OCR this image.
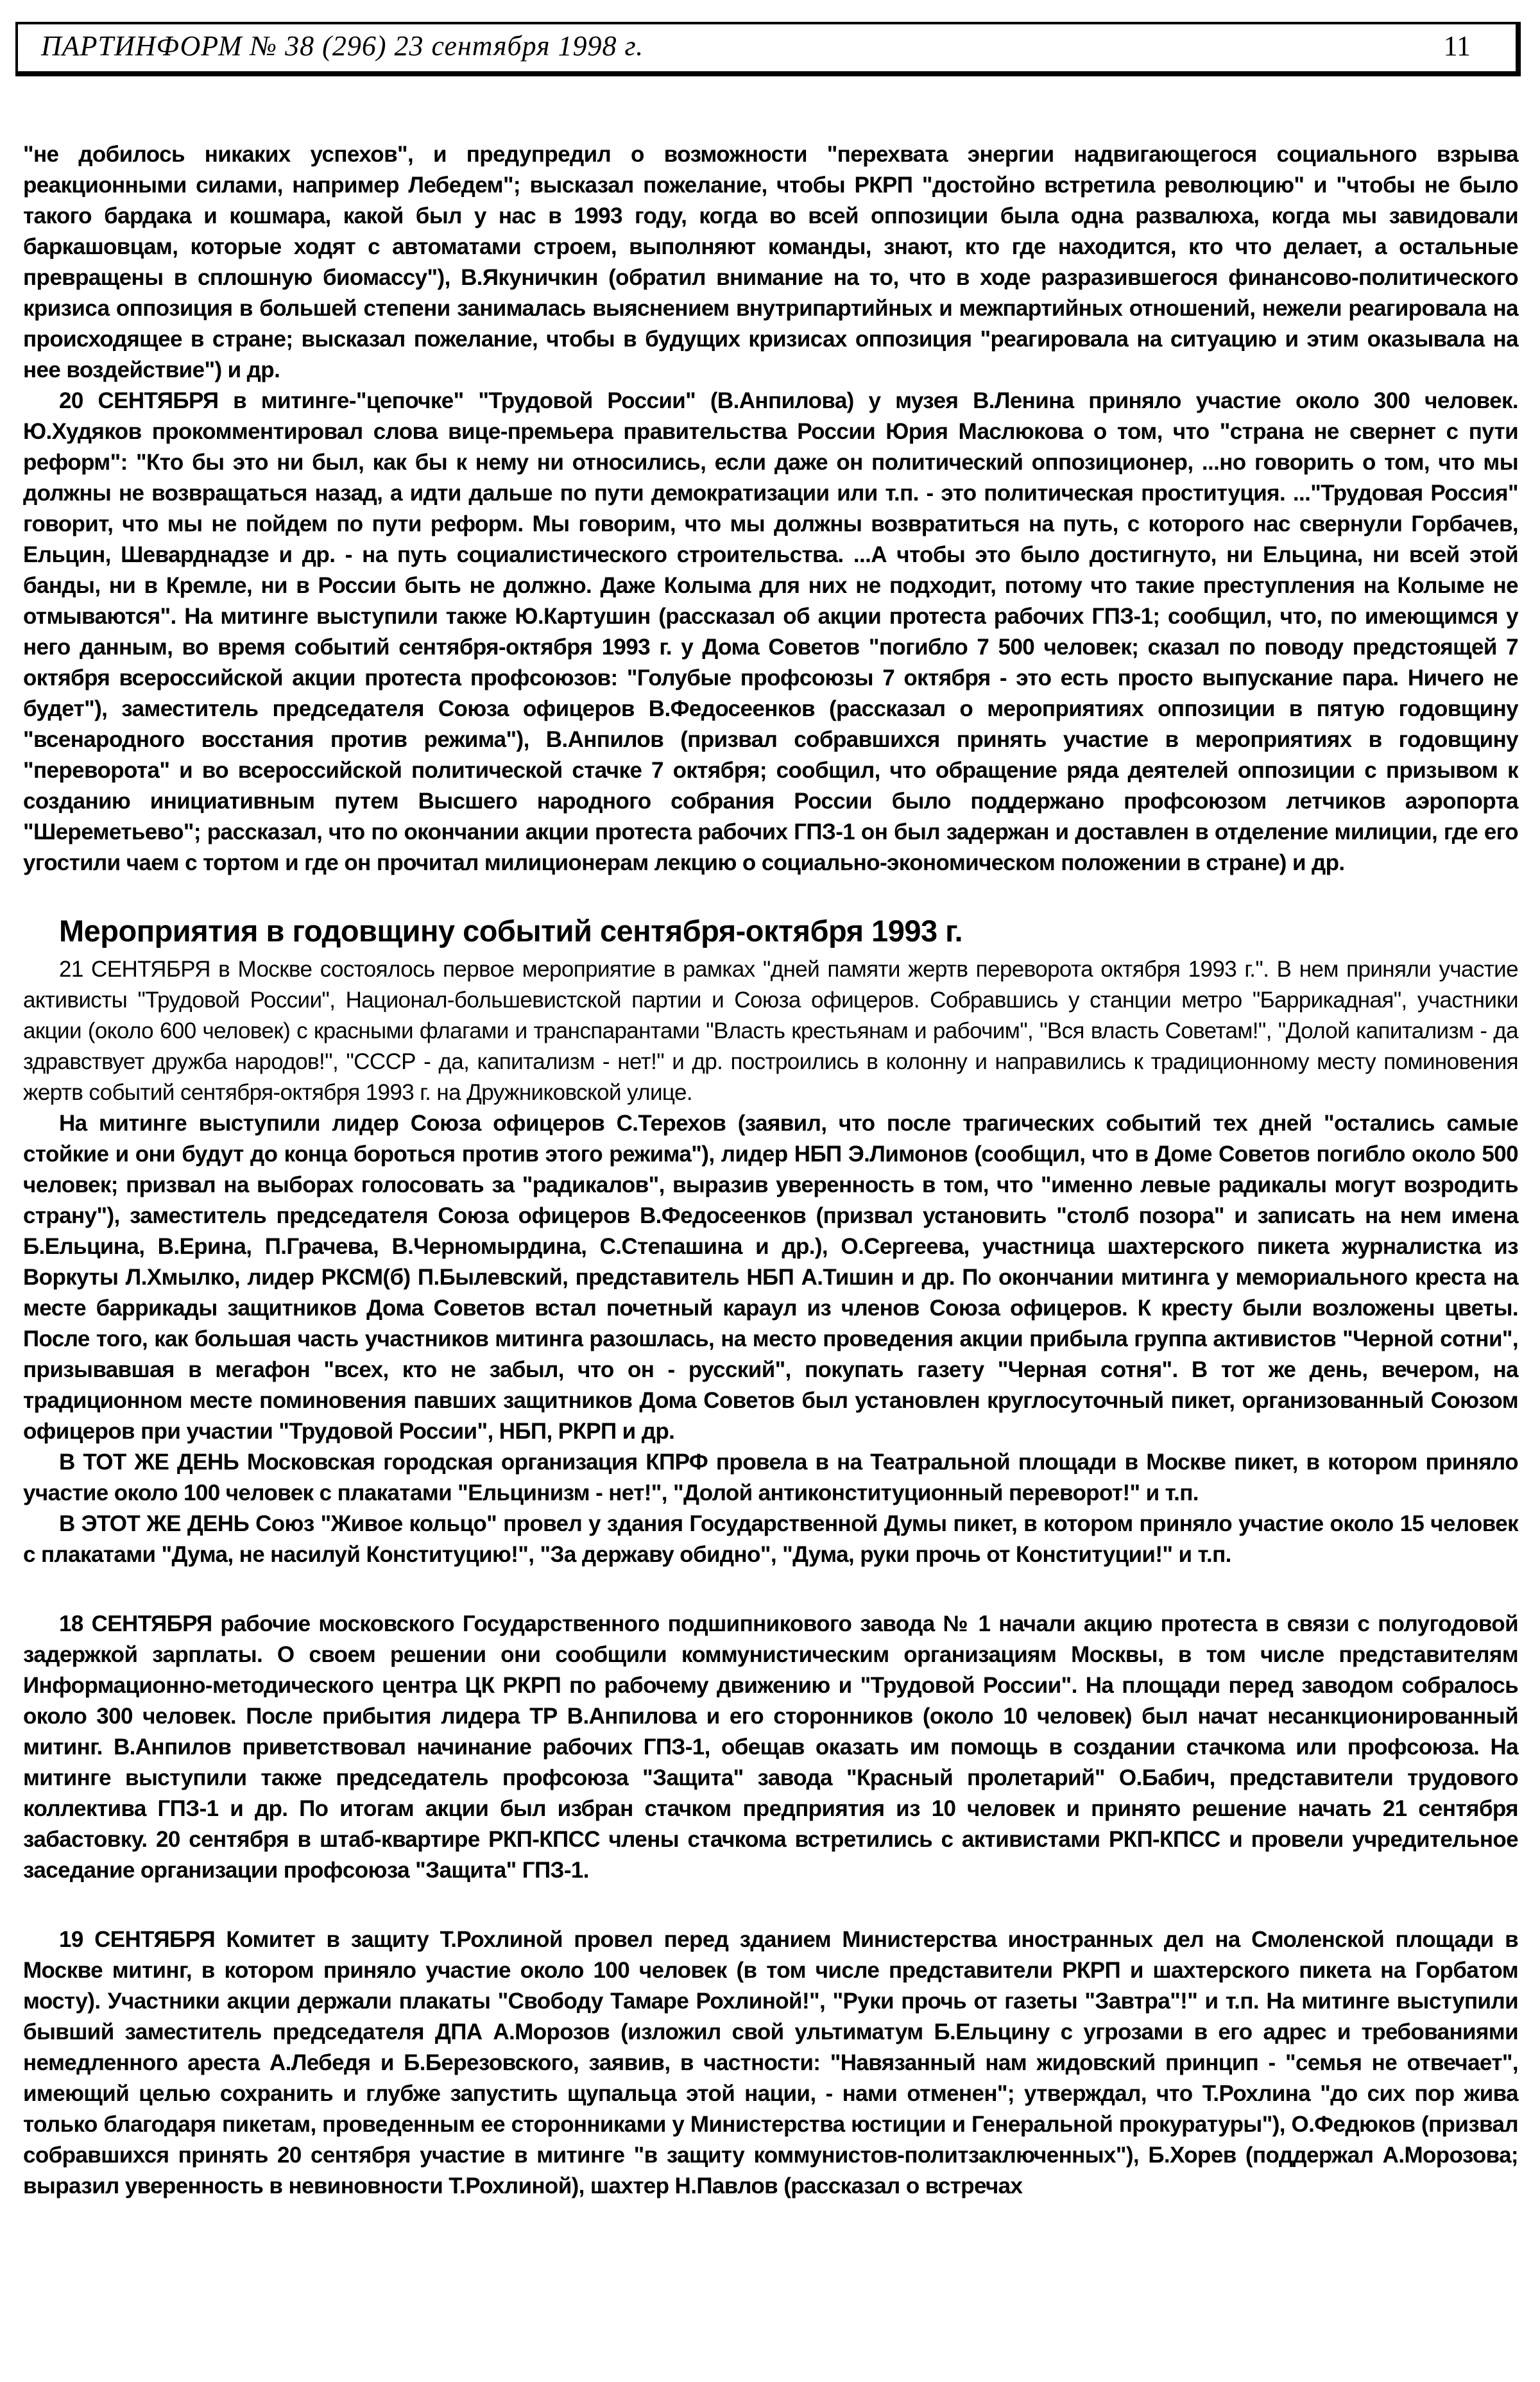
ПАРТИНФОРМ № 38 (296) 23 сентября 1998 г.	11

"не добилось никаких успехов", и предупредил о возможности "перехвата энергии надвигающегося социального взрыва реакционными силами, например Лебедем"; высказал пожелание, чтобы РКРП "достойно встретила революцию" и "чтобы не было такого бардака и кошмара, какой был у нас в 1993 году, когда во всей оппозиции была одна развалюха, когда мы завидовали баркашовцам, которые ходят с автоматами строем, выполняют команды, знают, кто где находится, кто что делает, а остальные превращены в сплошную биомассу"), В.Якуничкин (обратил внимание на то, что в ходе разразившегося финансово-политического кризиса оппозиция в большей степени занималась выяснением внутрипартийных и межпартийных отношений, нежели реагировала на происходящее в стране; высказал пожелание, чтобы в будущих кризисах оппозиция "реагировала на ситуацию и этим оказывала на нее воздействие") и др.

20 СЕНТЯБРЯ в митинге-"цепочке" "Трудовой России" (В.Анпилова) у музея В.Ленина приняло участие около 300 человек. Ю.Худяков прокомментировал слова вице-премьера правительства России Юрия Маслюкова о том, что "страна не свернет с пути реформ": "Кто бы это ни был, как бы к нему ни относились, если даже он политический оппозиционер, ...но говорить о том, что мы должны не возвращаться назад, а идти дальше по пути демократизации или т.п. - это политическая проституция. ..."Трудовая Россия" говорит, что мы не пойдем по пути реформ. Мы говорим, что мы должны возвратиться на путь, с которого нас свернули Горбачев, Ельцин, Шеварднадзе и др. - на путь социалистического строительства. ...А чтобы это было достигнуто, ни Ельцина, ни всей этой банды, ни в Кремле, ни в России быть не должно. Даже Колыма для них не подходит, потому что такие преступления на Колыме не отмываются". На митинге выступили также Ю.Картушин (рассказал об акции протеста рабочих ГПЗ-1; сообщил, что, по имеющимся у него данным, во время событий сентября-октября 1993 г. у Дома Советов "погибло 7 500 человек; сказал по поводу предстоящей 7 октября всероссийской акции протеста профсоюзов: "Голубые профсоюзы 7 октября - это есть просто выпускание пара. Ничего не будет"), заместитель председателя Союза офицеров В.Федосеенков (рассказал о мероприятиях оппозиции в пятую годовщину "всенародного восстания против режима"), В.Анпилов (призвал собравшихся принять участие в мероприятиях в годовщину "переворота" и во всероссийской политической стачке 7 октября; сообщил, что обращение ряда деятелей оппозиции с призывом к созданию инициативным путем Высшего народного собрания России было поддержано профсоюзом летчиков аэропорта "Шереметьево"; рассказал, что по окончании акции протеста рабочих ГПЗ-1 он был задержан и доставлен в отделение милиции, где его угостили чаем с тортом и где он прочитал милиционерам лекцию о социально-экономическом положении в стране) и др.

Мероприятия в годовщину событий сентября-октября 1993 г.

21 СЕНТЯБРЯ в Москве состоялось первое мероприятие в рамках "дней памяти жертв переворота октября 1993 г.". В нем приняли участие активисты "Трудовой России", Национал-большевистской партии и Союза офицеров. Собравшись у станции метро "Баррикадная", участники акции (около 600 человек) с красными флагами и транспарантами "Власть крестьянам и рабочим", "Вся власть Советам!", "Долой капитализм - да здравствует дружба народов!", "СССР - да, капитализм - нет!" и др. построились в колонну и направились к традиционному месту поминовения жертв событий сентября-октября 1993 г. на Дружниковской улице.

На митинге выступили лидер Союза офицеров С.Терехов (заявил, что после трагических событий тех дней "остались самые стойкие и они будут до конца бороться против этого режима"), лидер НБП Э.Лимонов (сообщил, что в Доме Советов погибло около 500 человек; призвал на выборах голосовать за "радикалов", выразив уверенность в том, что "именно левые радикалы могут возродить страну"), заместитель председателя Союза офицеров В.Федосеенков (призвал установить "столб позора" и записать на нем имена Б.Ельцина, В.Ерина, П.Грачева, В.Черномырдина, С.Степашина и др.), О.Сергеева, участница шахтерского пикета журналистка из Воркуты Л.Хмылко, лидер РКСМ(б) П.Былевский, представитель НБП А.Тишин и др. По окончании митинга у мемориального креста на месте баррикады защитников Дома Советов встал почетный караул из членов Союза офицеров. К кресту были возложены цветы. После того, как большая часть участников митинга разошлась, на место проведения акции прибыла группа активистов "Черной сотни", призывавшая в мегафон "всех, кто не забыл, что он - русский", покупать газету "Черная сотня". В тот же день, вечером, на традиционном месте поминовения павших защитников Дома Советов был установлен круглосуточный пикет, организованный Союзом офицеров при участии "Трудовой России", НБП, РКРП и др.

В ТОТ ЖЕ ДЕНЬ Московская городская организация КПРФ провела в на Театральной площади в Москве пикет, в котором приняло участие около 100 человек с плакатами "Ельцинизм - нет!", "Долой антиконституционный переворот!" и т.п.

В ЭТОТ ЖЕ ДЕНЬ Союз "Живое кольцо" провел у здания Государственной Думы пикет, в котором приняло участие около 15 человек с плакатами "Дума, не насилуй Конституцию!", "За державу обидно", "Дума, руки прочь от Конституции!" и т.п.

18 СЕНТЯБРЯ рабочие московского Государственного подшипникового завода № 1 начали акцию протеста в связи с полугодовой задержкой зарплаты. О своем решении они сообщили коммунистическим организациям Москвы, в том числе представителям Информационно-методического центра ЦК РКРП по рабочему движению и "Трудовой России". На площади перед заводом собралось около 300 человек. После прибытия лидера ТР В.Анпилова и его сторонников (около 10 человек) был начат несанкционированный митинг. В.Анпилов приветствовал начинание рабочих ГПЗ-1, обещав оказать им помощь в создании стачкома или профсоюза. На митинге выступили также председатель профсоюза "Защита" завода "Красный пролетарий" О.Бабич, представители трудового коллектива ГПЗ-1 и др. По итогам акции был избран стачком предприятия из 10 человек и принято решение начать 21 сентября забастовку. 20 сентября в штаб-квартире РКП-КПСС члены стачкома встретились с активистами РКП-КПСС и провели учредительное заседание организации профсоюза "Защита" ГПЗ-1.

19 СЕНТЯБРЯ Комитет в защиту Т.Рохлиной провел перед зданием Министерства иностранных дел на Смоленской площади в Москве митинг, в котором приняло участие около 100 человек (в том числе представители РКРП и шахтерского пикета на Горбатом мосту). Участники акции держали плакаты "Свободу Тамаре Рохлиной!", "Руки прочь от газеты "Завтра"!" и т.п. На митинге выступили бывший заместитель председателя ДПА А.Морозов (изложил свой ультиматум Б.Ельцину с угрозами в его адрес и требованиями немедленного ареста А.Лебедя и Б.Березовского, заявив, в частности: "Навязанный нам жидовский принцип - "семья не отвечает", имеющий целью сохранить и глубже запустить щупальца этой нации, - нами отменен"; утверждал, что Т.Рохлина "до сих пор жива только благодаря пикетам, проведенным ее сторонниками у Министерства юстиции и Генеральной прокуратуры"), О.Федюков (призвал собравшихся принять 20 сентября участие в митинге "в защиту коммунистов-политзаключенных"), Б.Хорев (поддержал А.Морозова; выразил уверенность в невиновности Т.Рохлиной), шахтер Н.Павлов (рассказал о встречах
